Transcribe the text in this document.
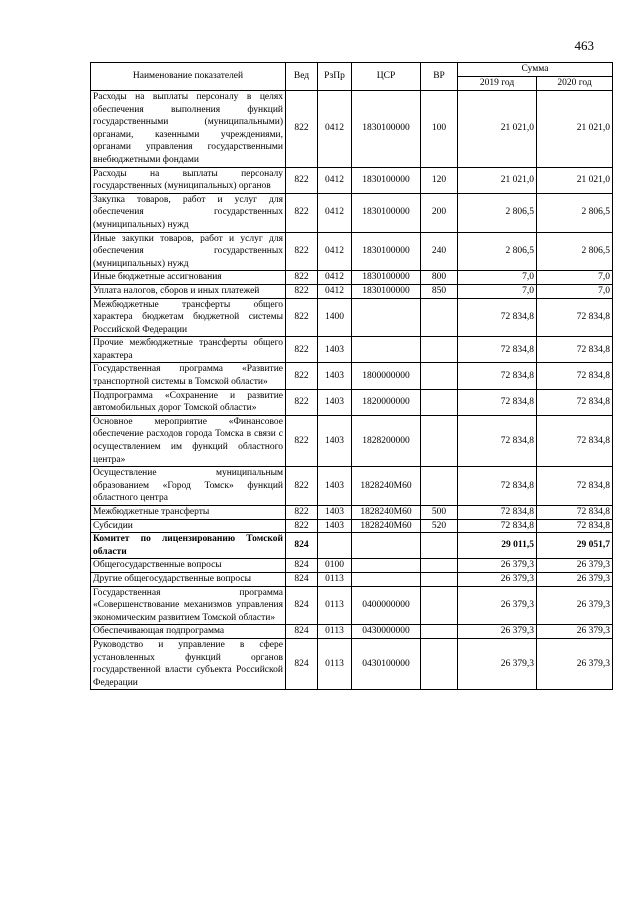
463
Наименование показателей	Вед	РзПр	ЦСР	ВР	Сумма	
					2019 год	2020 год
Расходы на выплаты персоналу в целях обеспечения выполнения функций государственными (муниципальными) органами, казенными учреждениями, органами управления государственными внебюджетными фондами	822	0412	1830100000	100	21 021,0	21 021,0
Расходы на выплаты персоналу государственных (муниципальных) органов	822	0412	1830100000	120	21 021,0	21 021,0
Закупка товаров, работ и услуг для обеспечения государственных (муниципальных) нужд	822	0412	1830100000	200	2 806,5	2 806,5
Иные закупки товаров, работ и услуг для обеспечения государственных (муниципальных) нужд	822	0412	1830100000	240	2 806,5	2 806,5
Иные бюджетные ассигнования	822	0412	1830100000	800	7,0	7,0
Уплата налогов, сборов и иных платежей	822	0412	1830100000	850	7,0	7,0
Межбюджетные трансферты общего характера бюджетам бюджетной системы Российской Федерации	822	1400			72 834,8	72 834,8
Прочие межбюджетные трансферты общего характера	822	1403			72 834,8	72 834,8
Государственная программа «Развитие транспортной системы в Томской области»	822	1403	1800000000		72 834,8	72 834,8
Подпрограмма «Сохранение и развитие автомобильных дорог Томской области»	822	1403	1820000000		72 834,8	72 834,8
Основное мероприятие «Финансовое обеспечение расходов города Томска в связи с осуществлением им функций областного центра»	822	1403	1828200000		72 834,8	72 834,8
Осуществление муниципальным образованием «Город Томск» функций областного центра	822	1403	1828240M60		72 834,8	72 834,8
Межбюджетные трансферты	822	1403	1828240M60	500	72 834,8	72 834,8
Субсидии	822	1403	1828240M60	520	72 834,8	72 834,8
Комитет по лицензированию Томской области	824				29 011,5	29 051,7
Общегосударственные вопросы	824	0100			26 379,3	26 379,3
Другие общегосударственные вопросы	824	0113			26 379,3	26 379,3
Государственная программа «Совершенствование механизмов управления экономическим развитием Томской области»	824	0113	0400000000		26 379,3	26 379,3
Обеспечивающая подпрограмма	824	0113	0430000000		26 379,3	26 379,3
Руководство и управление в сфере установленных функций органов государственной власти субъекта Российской Федерации	824	0113	0430100000		26 379,3	26 379,3
